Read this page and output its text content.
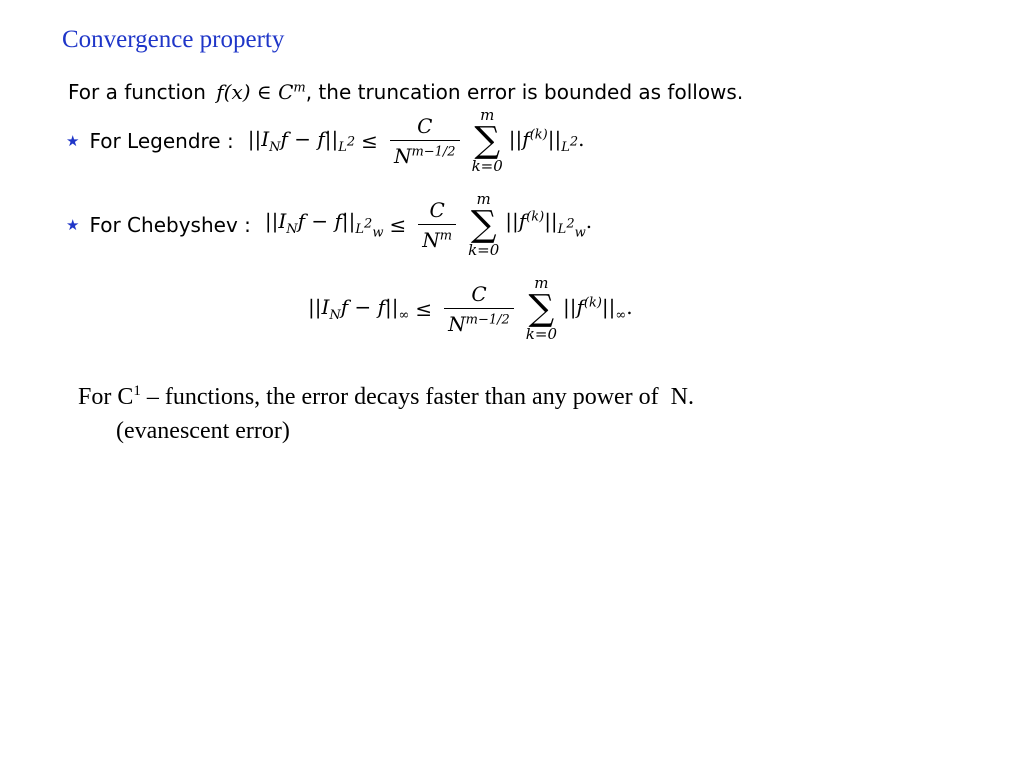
Convergence property
For a function f(x) ∈ $C^m$ , the truncation error is bounded as follows.
★ For Legendre : $||I_Nf - f||_{L^2} \le \frac{C}{N^{m-1/2}}$ m
∑
k=0
$||f^{(k)}||_{L^2}$.
★ For Chebyshev : $||I_Nf - f||_{L^2_w} \le \frac{C}{N^m}$ m
∑
k=0
$||f^{(k)}||_{L^2_w}$.
$||I_Nf - f||_\infty \le \frac{C}{N^{m-1/2}}$ m
∑
k=0
$||f^{(k)}||_\infty$.
For $C^1$ – functions, the error decays faster than any power of  N.
(evanescent error)
